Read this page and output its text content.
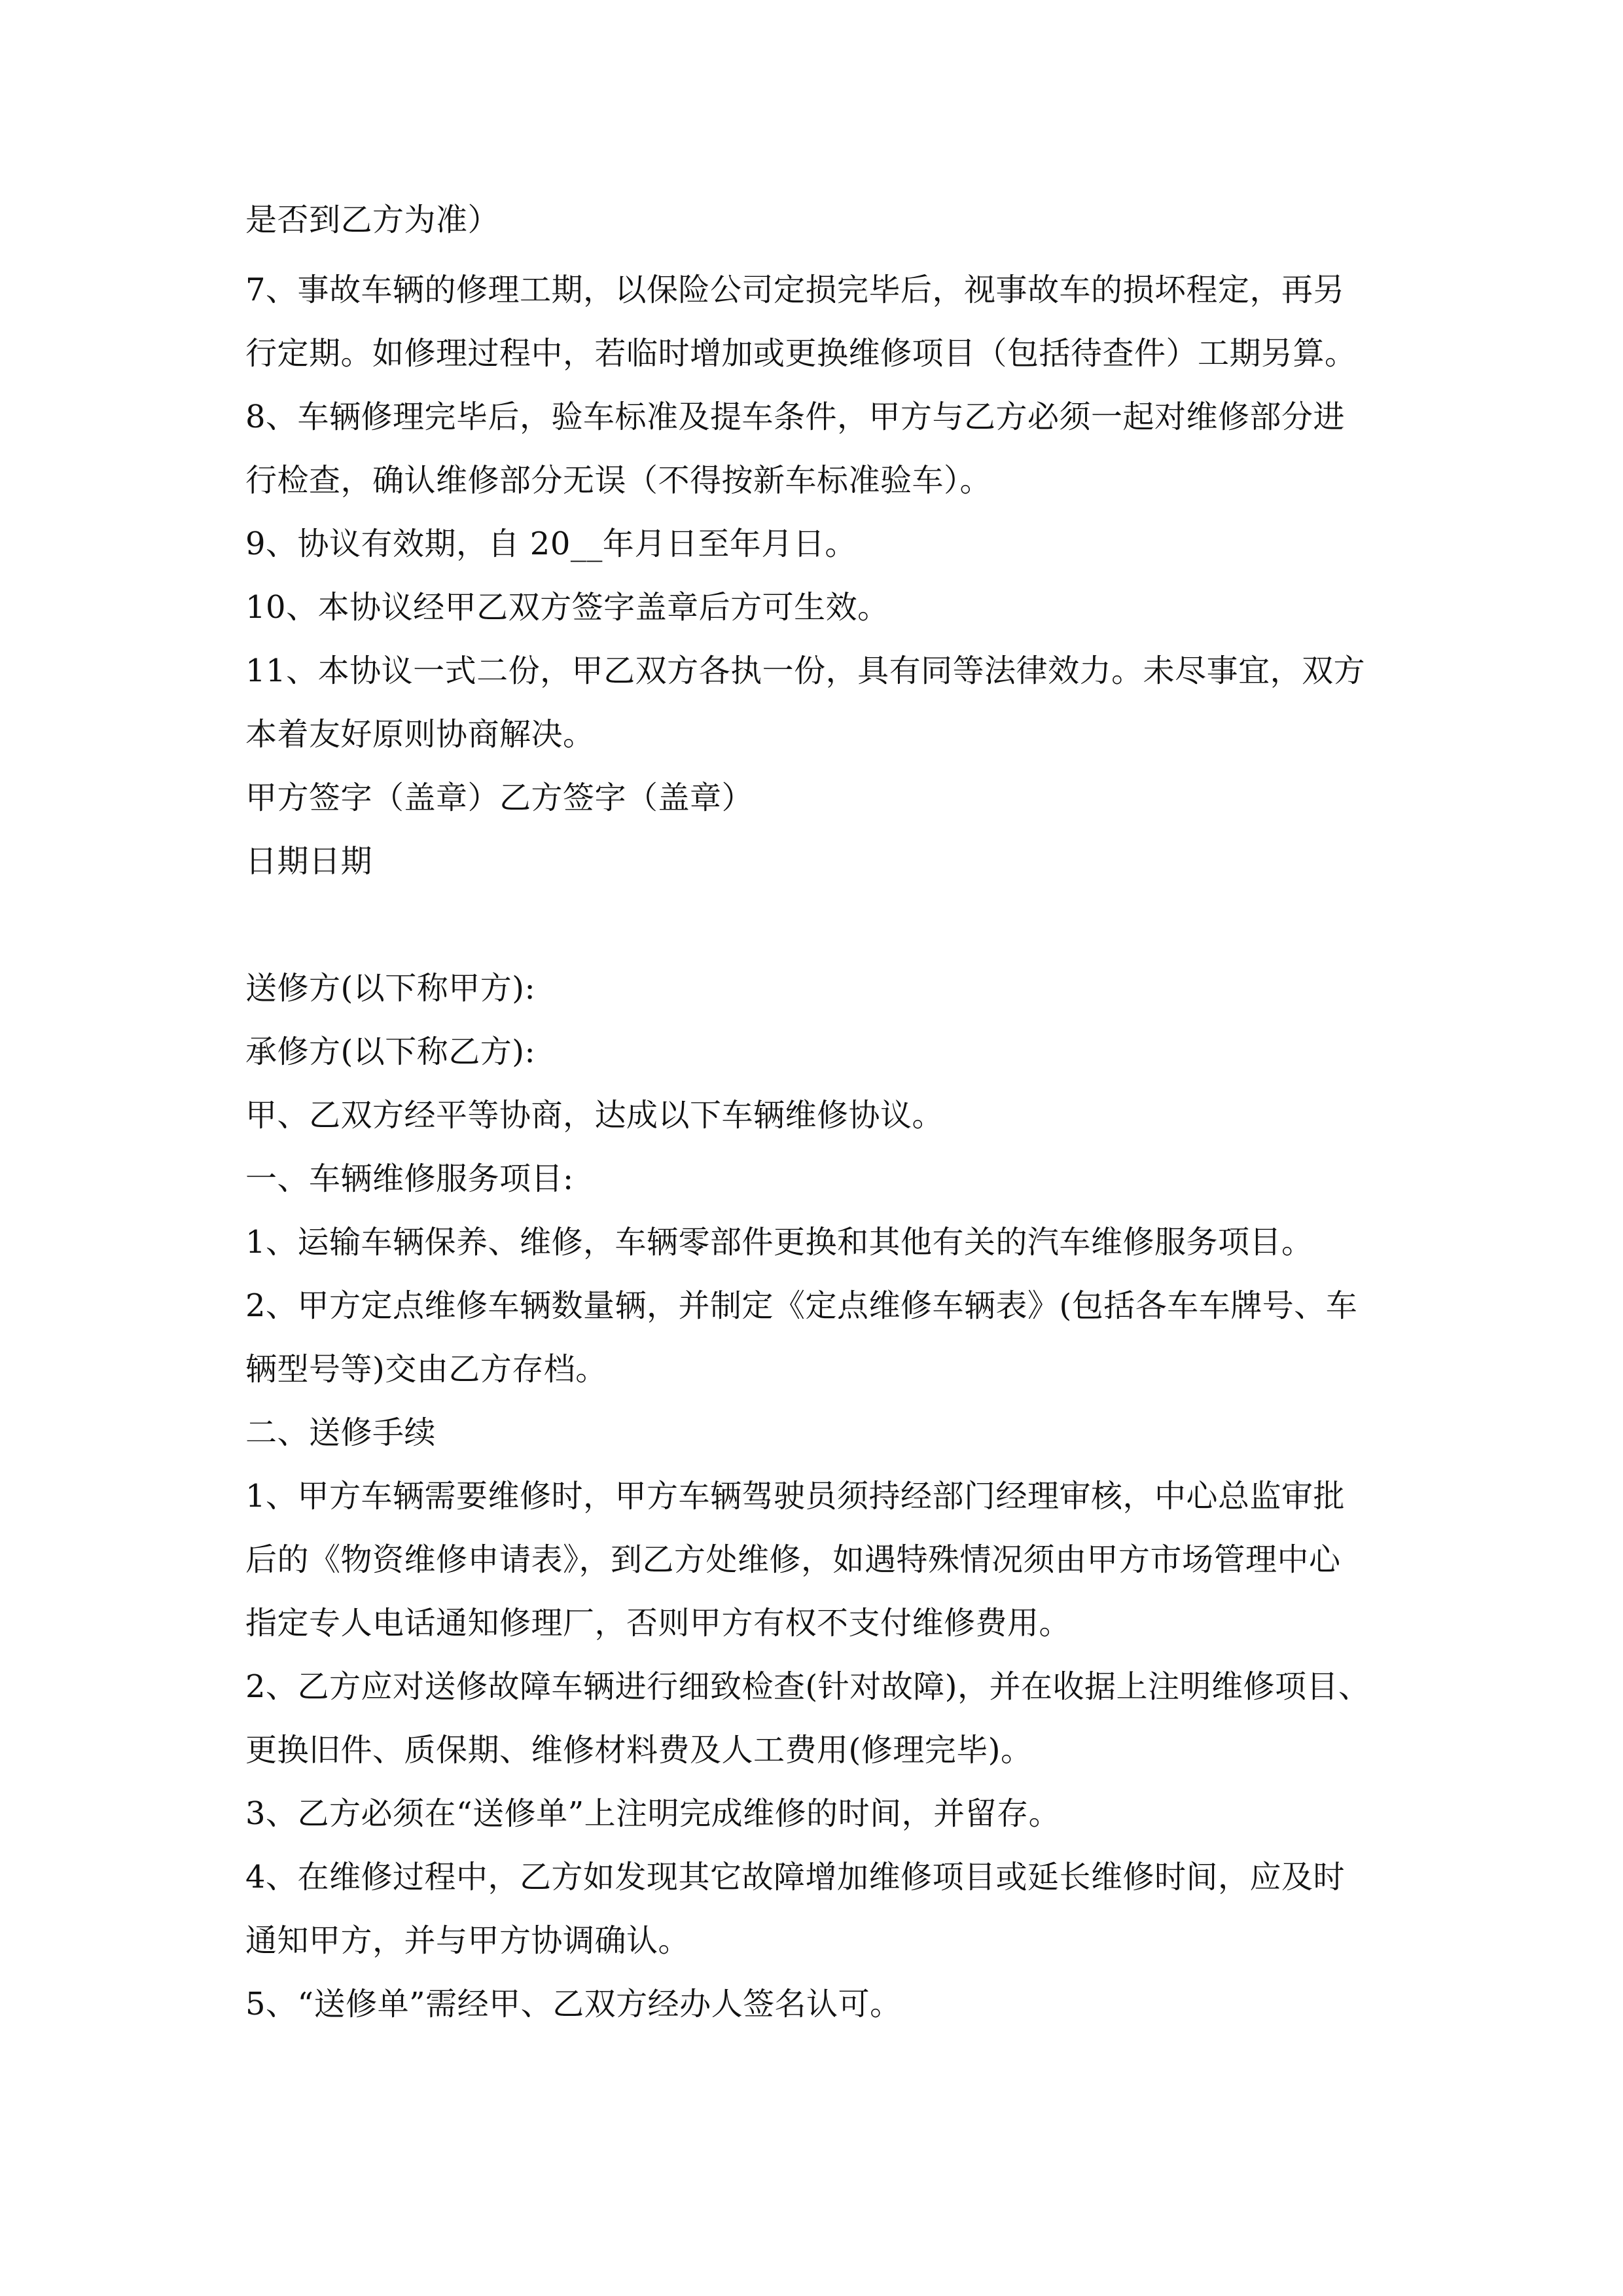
是否到乙方为准）
7、事故车辆的修理工期，以保险公司定损完毕后，视事故车的损坏程定，再另
行定期。如修理过程中，若临时增加或更换维修项目（包括待查件）工期另算。
8、车辆修理完毕后，验车标准及提车条件，甲方与乙方必须一起对维修部分进
行检查，确认维修部分无误（不得按新车标准验车）。
9、协议有效期，自 20__年月日至年月日。
10、本协议经甲乙双方签字盖章后方可生效。
11、本协议一式二份，甲乙双方各执一份，具有同等法律效力。未尽事宜，双方
本着友好原则协商解决。
甲方签字（盖章）乙方签字（盖章）
日期日期
送修方(以下称甲方):
承修方(以下称乙方):
甲、乙双方经平等协商，达成以下车辆维修协议。
一、车辆维修服务项目:
1、运输车辆保养、维修，车辆零部件更换和其他有关的汽车维修服务项目。
2、甲方定点维修车辆数量辆，并制定《定点维修车辆表》(包括各车车牌号、车
辆型号等)交由乙方存档。
二、送修手续
1、甲方车辆需要维修时，甲方车辆驾驶员须持经部门经理审核，中心总监审批
后的《物资维修申请表》，到乙方处维修，如遇特殊情况须由甲方市场管理中心
指定专人电话通知修理厂，否则甲方有权不支付维修费用。
2、乙方应对送修故障车辆进行细致检查(针对故障)，并在收据上注明维修项目、
更换旧件、质保期、维修材料费及人工费用(修理完毕)。
3、乙方必须在“送修单”上注明完成维修的时间，并留存。
4、在维修过程中，乙方如发现其它故障增加维修项目或延长维修时间，应及时
通知甲方，并与甲方协调确认。
5、“送修单”需经甲、乙双方经办人签名认可。
